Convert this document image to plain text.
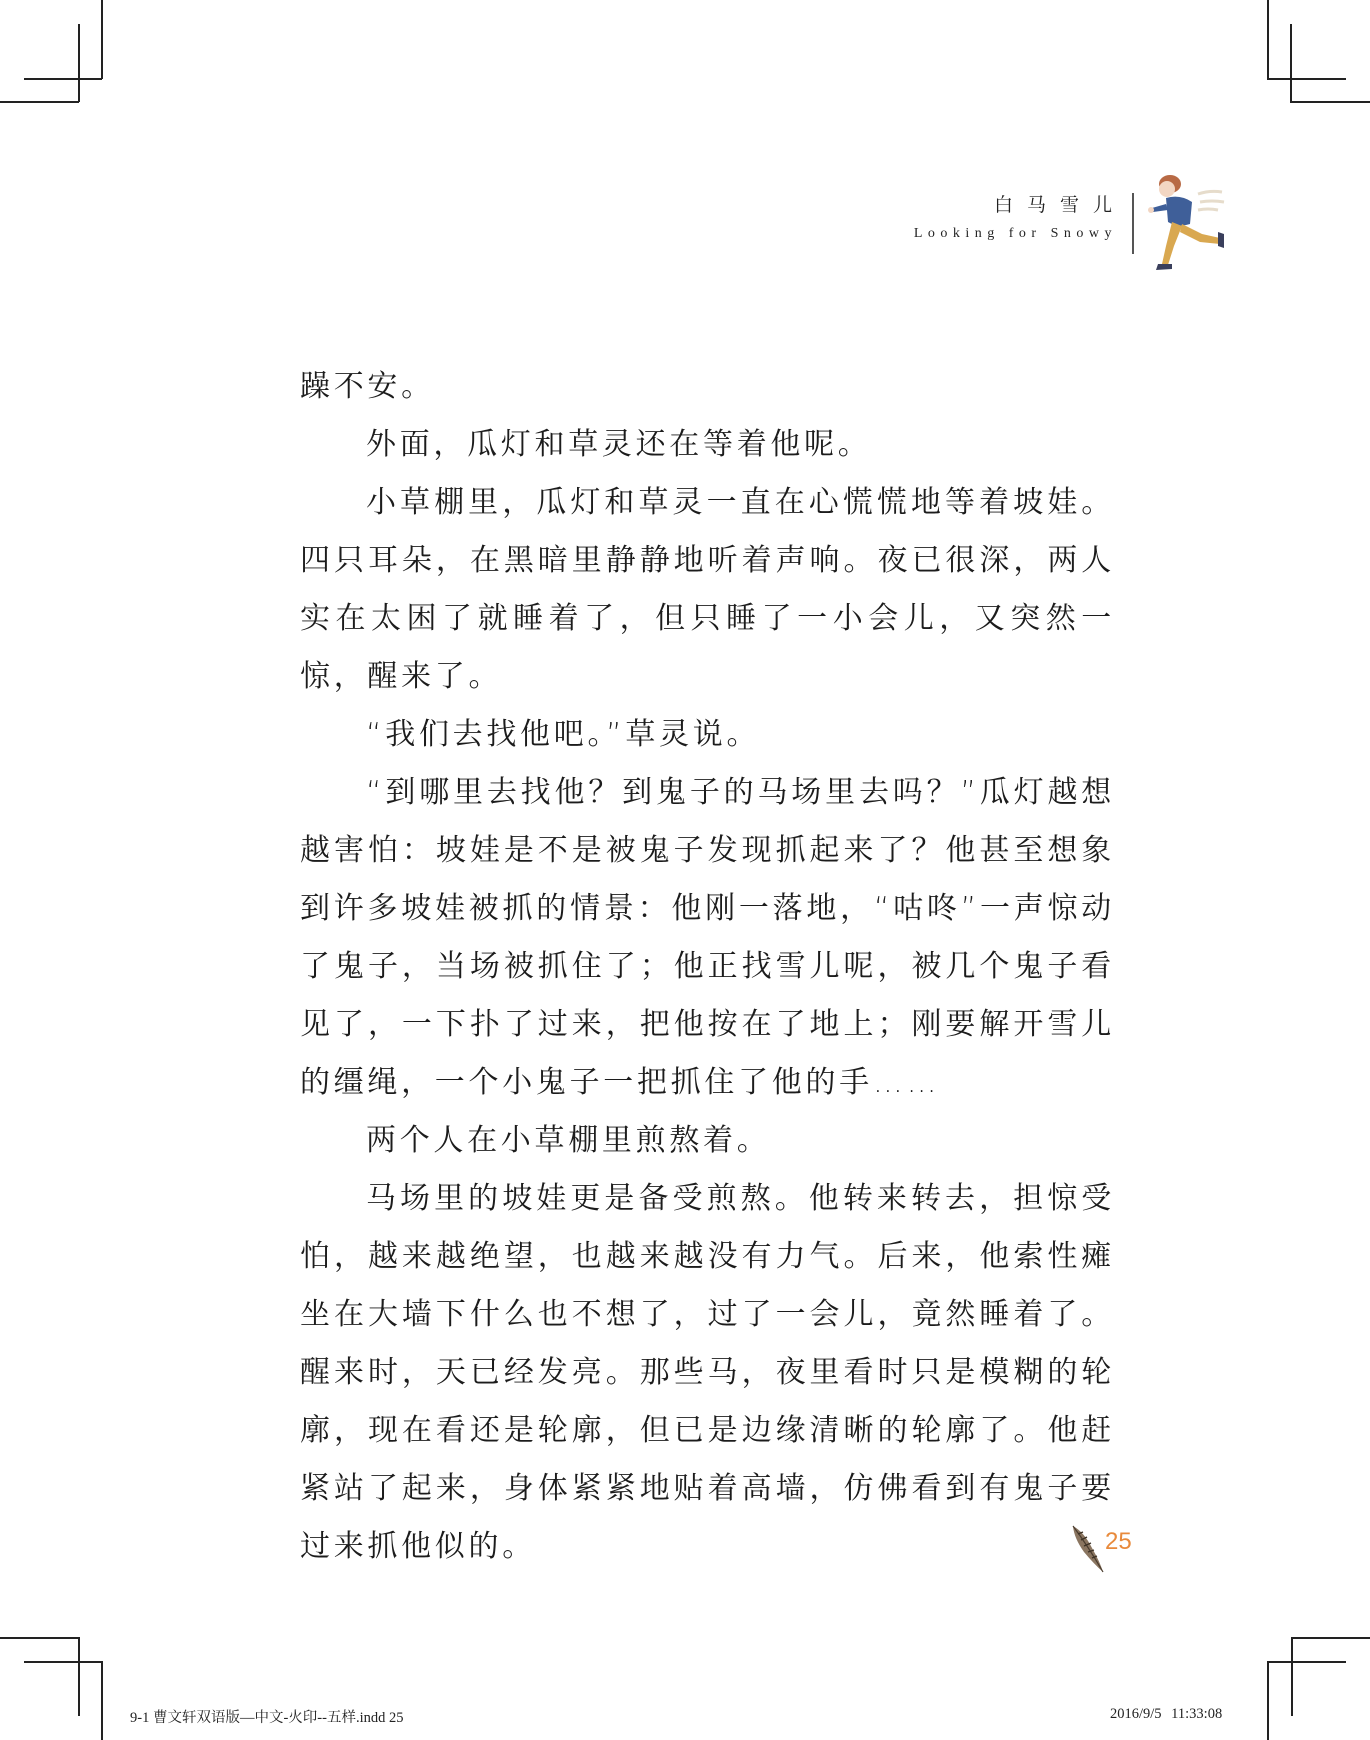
白马雪儿
Looking for Snowy

躁不安。

外面，瓜灯和草灵还在等着他呢。

小草棚里，瓜灯和草灵一直在心慌慌地等着坡娃。四只耳朵，在黑暗里静静地听着声响。夜已很深，两人实在太困了就睡着了，但只睡了一小会儿，又突然一惊，醒来了。

“我们去找他吧。”草灵说。

“到哪里去找他？到鬼子的马场里去吗？”瓜灯越想越害怕：坡娃是不是被鬼子发现抓起来了？他甚至想象到许多坡娃被抓的情景：他刚一落地，“咕咚”一声惊动了鬼子，当场被抓住了；他正找雪儿呢，被几个鬼子看见了，一下扑了过来，把他按在了地上；刚要解开雪儿的缰绳，一个小鬼子一把抓住了他的手……

两个人在小草棚里煎熬着。

马场里的坡娃更是备受煎熬。他转来转去，担惊受怕，越来越绝望，也越来越没有力气。后来，他索性瘫坐在大墙下什么也不想了，过了一会儿，竟然睡着了。醒来时，天已经发亮。那些马，夜里看时只是模糊的轮廓，现在看还是轮廓，但已是边缘清晰的轮廓了。他赶紧站了起来，身体紧紧地贴着高墙，仿佛看到有鬼子要过来抓他似的。	25
9-1 曹文轩双语版—中文-火印--五样.indd 25	2016/9/5 11:33:08
